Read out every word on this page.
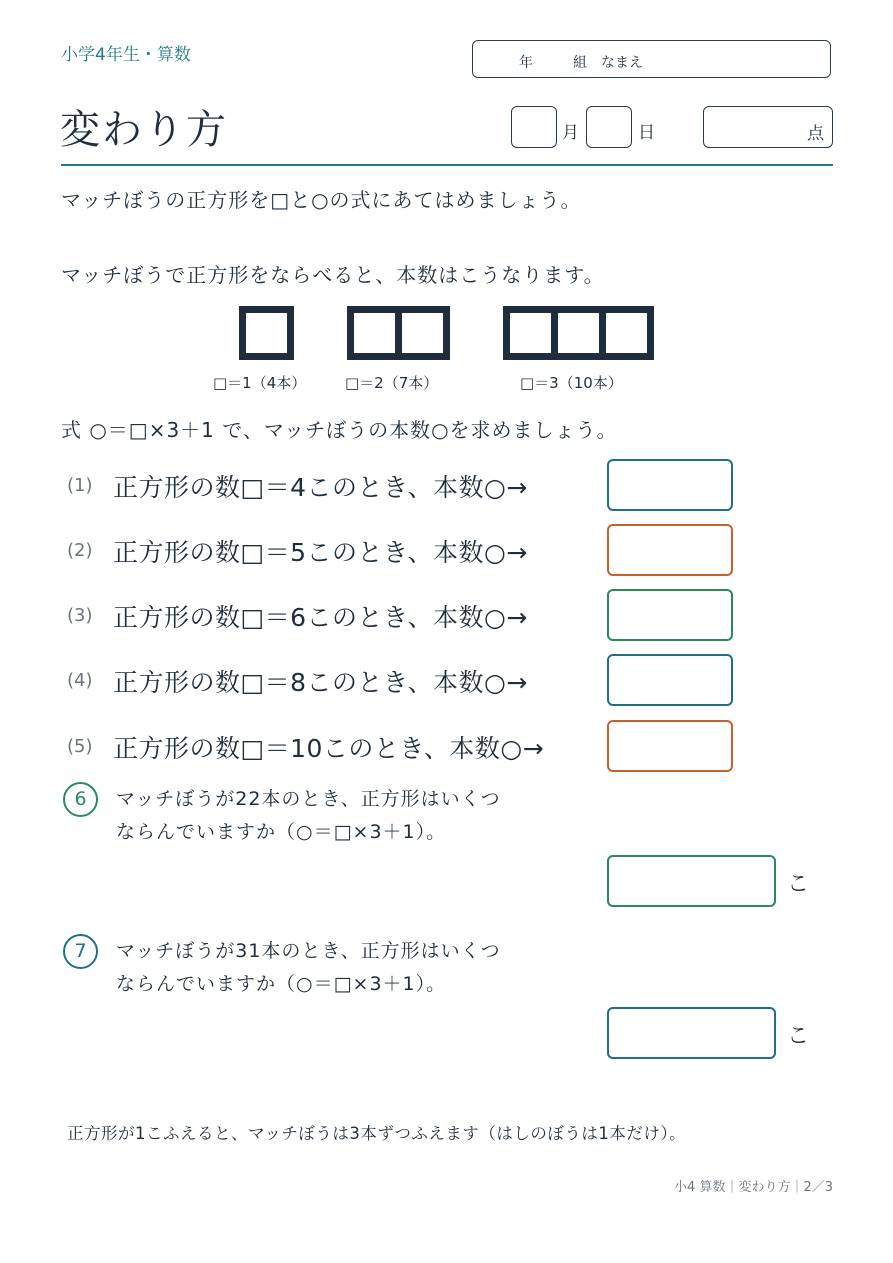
小学4年生・算数	年	組 なまえ
変わり方	月	日	点
マッチぼうの正方形を□と○の式にあてはめましょう。
マッチぼうで正方形をならべると、本数はこうなります。
□＝1（4本）	□＝2（7本）	□＝3（10本）
式 ○＝□×3＋1 で、マッチぼうの本数○を求めましょう。
(1) 正方形の数□＝4このとき、本数○→
(2) 正方形の数□＝5このとき、本数○→
(3) 正方形の数□＝6このとき、本数○→
(4) 正方形の数□＝8このとき、本数○→
(5) 正方形の数□＝10このとき、本数○→
6	マッチぼうが22本のとき、正方形はいくつ
ならんでいますか（○＝□×3＋1）。
こ
7	マッチぼうが31本のとき、正方形はいくつ
ならんでいますか（○＝□×3＋1）。
こ
正方形が1こふえると、マッチぼうは3本ずつふえます（はしのぼうは1本だけ）。
小4 算数｜変わり方｜2／3
